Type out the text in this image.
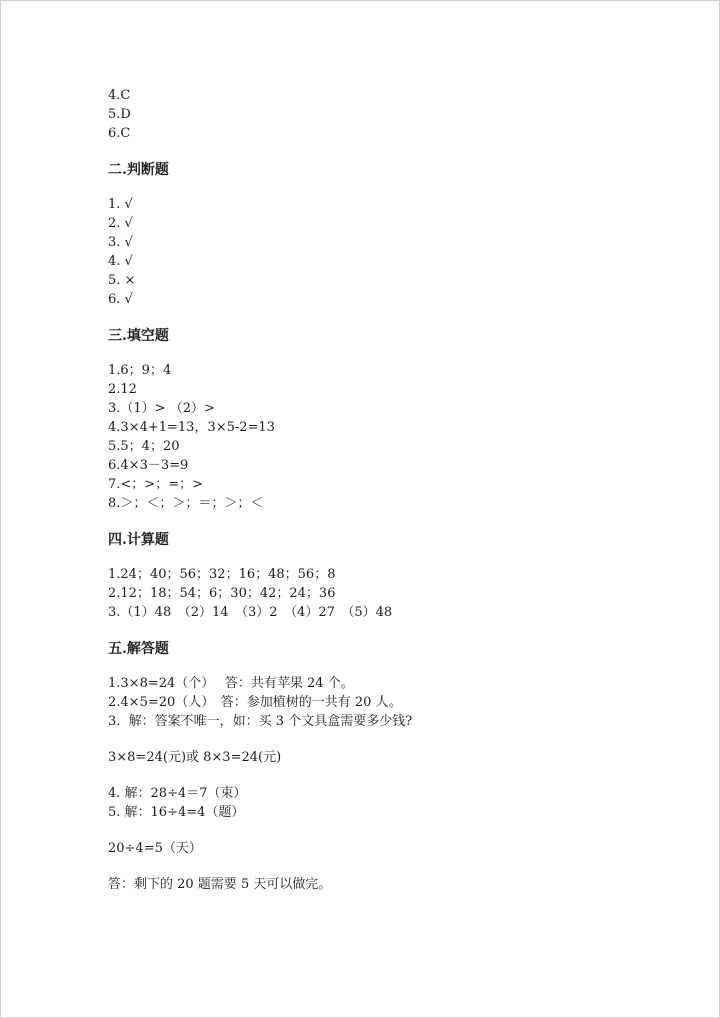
4.C
5.D
6.C
二.判断题
1. √
2. √
3. √
4. √
5. ×
6. √
三.填空题
1.6；9；4
2.12
3.（1）> （2）>
4.3×4+1=13，3×5-2=13
5.5；4；20
6.4×3－3=9
7.<；>；=；>
8.＞；＜；＞；＝；＞；＜
四.计算题
1.24；40；56；32；16；48；56；8
2.12；18；54；6；30；42；24；36
3.（1）48　（2）14　（3）2　（4）27　（5）48
五.解答题
1.3×8=24（个）　 答：共有苹果 24 个。
2.4×5=20（人）　答：参加植树的一共有 20 人。
3.  解：答案不唯一，如：买 3 个文具盒需要多少钱?
3×8=24(元)或 8×3=24(元)
4. 解：28÷4＝7（束）
5. 解：16÷4=4（题）
20÷4=5（天）
答：剩下的 20 题需要 5 天可以做完。
